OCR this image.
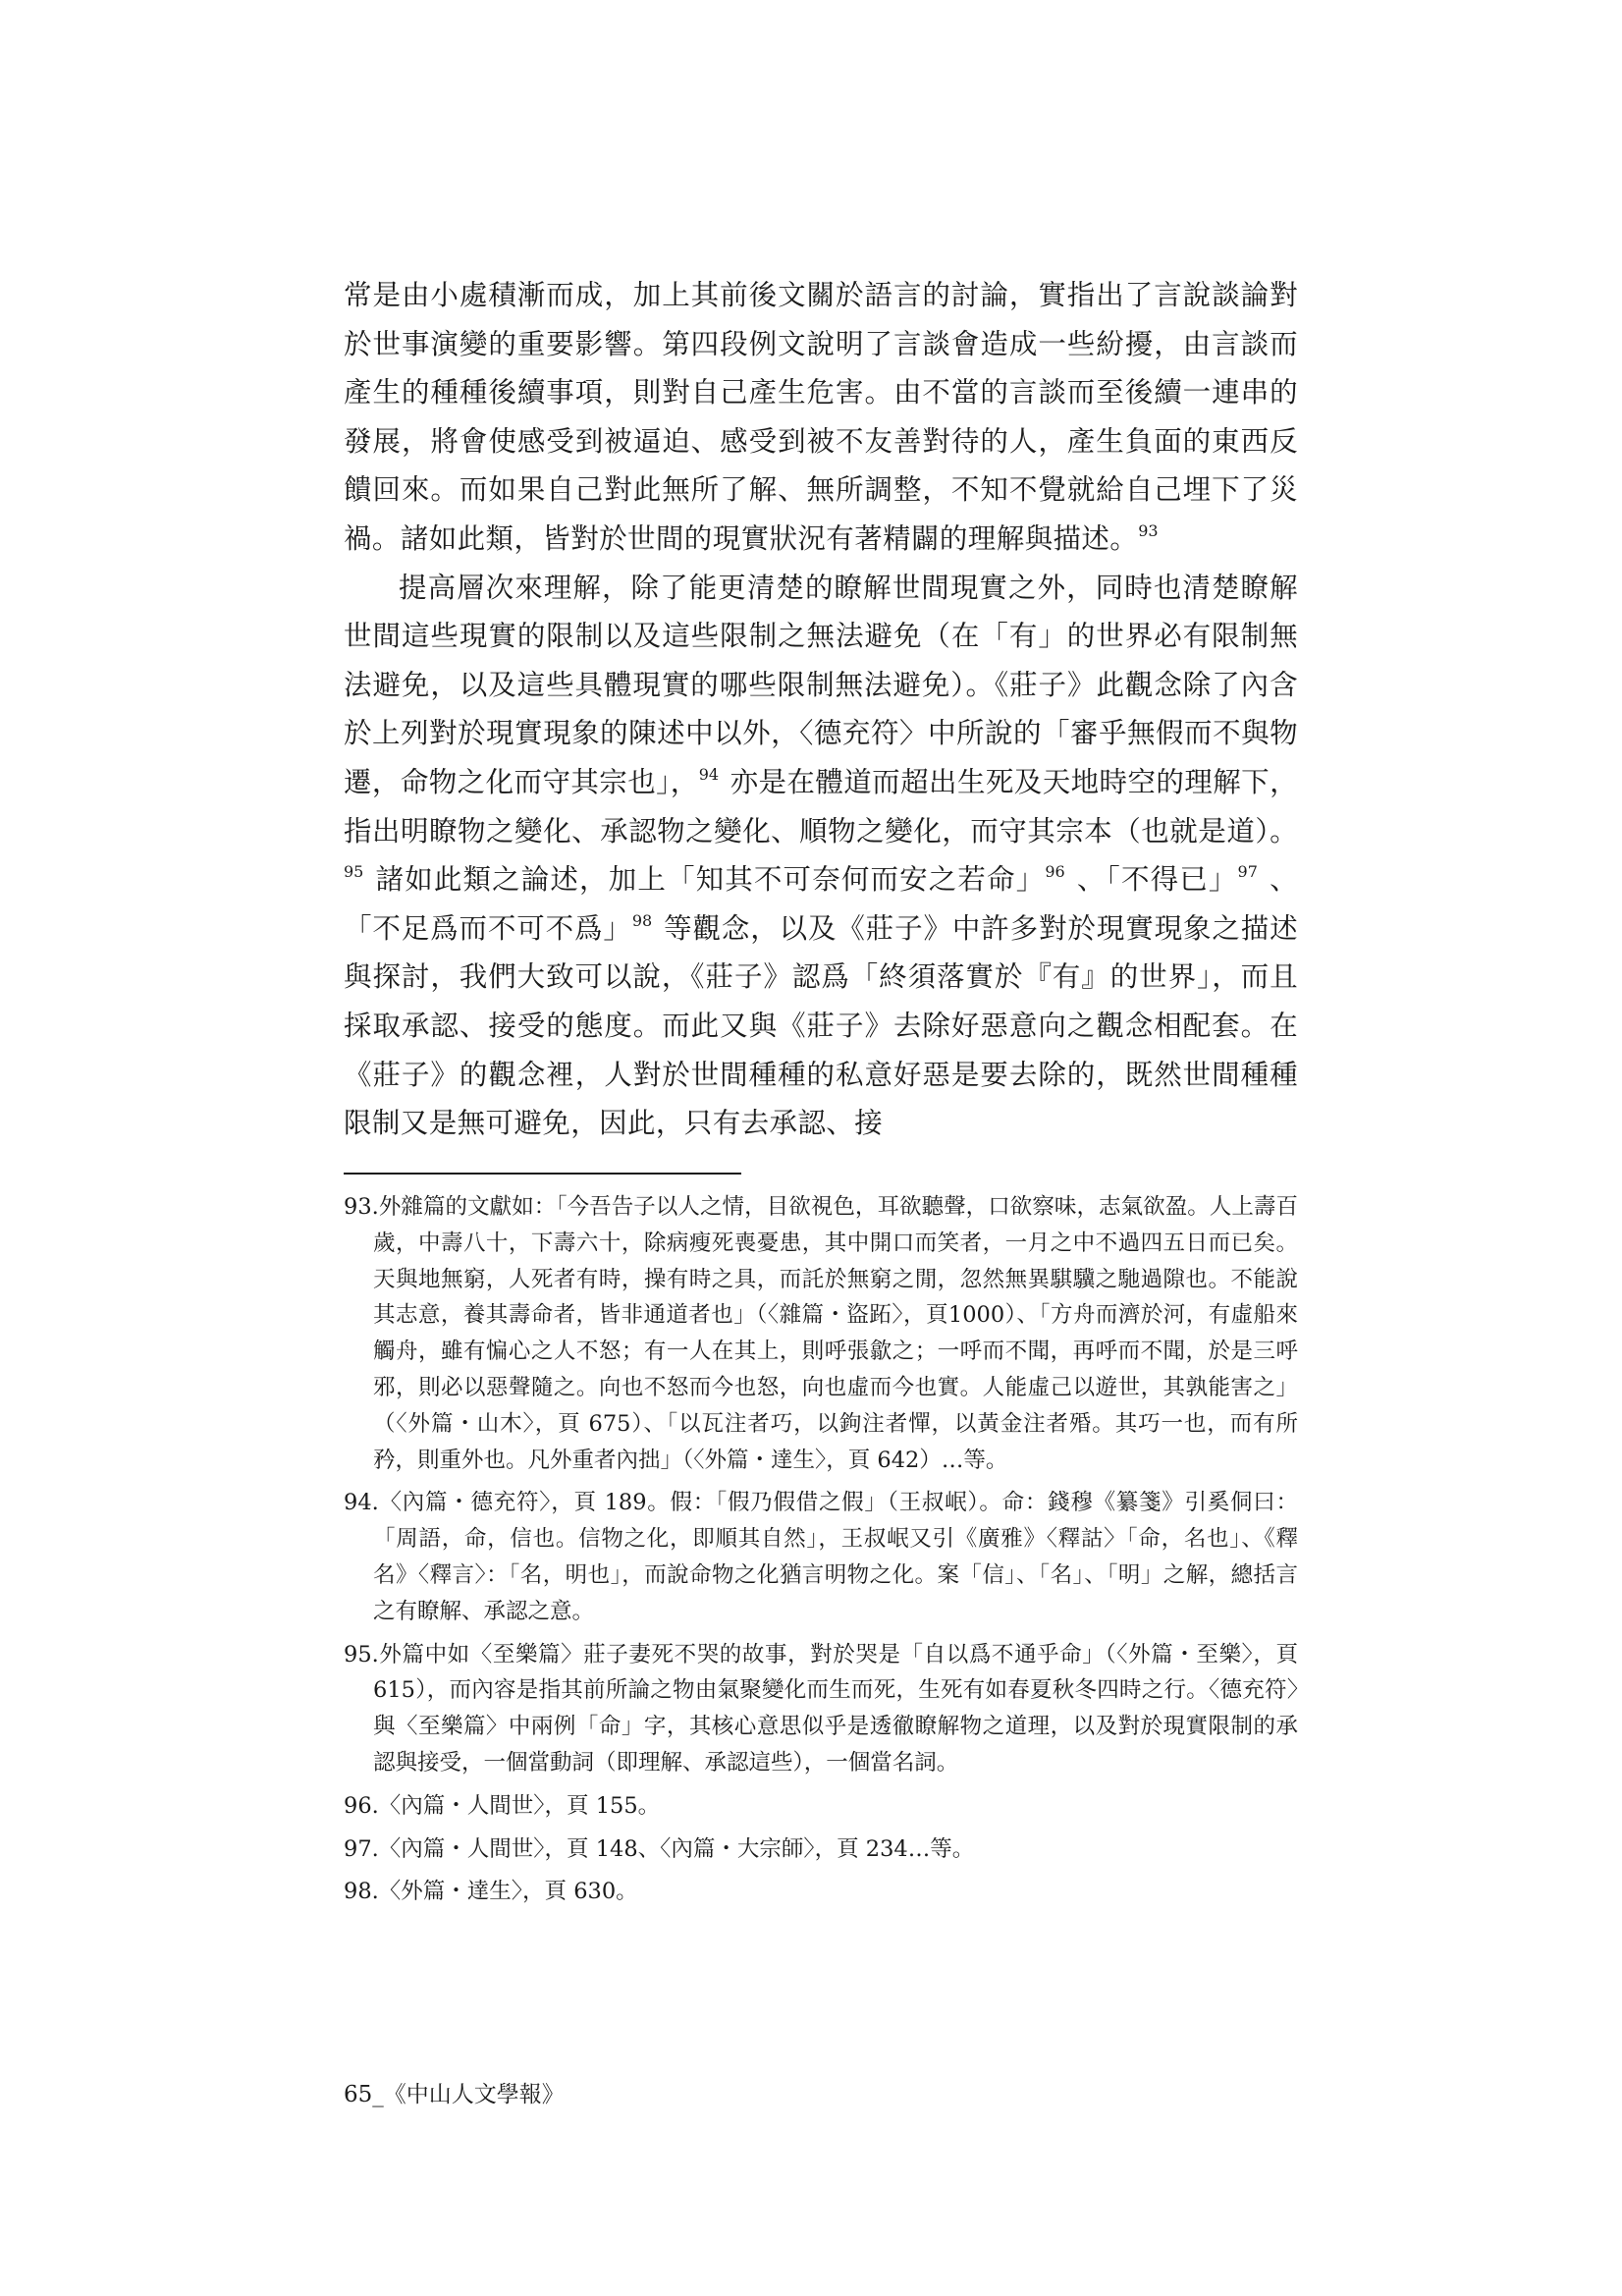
常是由小處積漸而成，加上其前後文關於語言的討論，實指出了言說談論對於世事演變的重要影響。第四段例文說明了言談會造成一些紛擾，由言談而產生的種種後續事項，則對自己產生危害。由不當的言談而至後續一連串的發展，將會使感受到被逼迫、感受到被不友善對待的人，產生負面的東西反饋回來。而如果自己對此無所了解、無所調整，不知不覺就給自己埋下了災禍。諸如此類，皆對於世間的現實狀況有著精闢的理解與描述。$^{93}$

提高層次來理解，除了能更清楚的瞭解世間現實之外，同時也清楚瞭解世間這些現實的限制以及這些限制之無法避免（在「有」的世界必有限制無法避免，以及這些具體現實的哪些限制無法避免）。《莊子》此觀念除了內含於上列對於現實現象的陳述中以外，〈德充符〉中所說的「審乎無假而不與物遷，命物之化而守其宗也」，$^{94}$ 亦是在體道而超出生死及天地時空的理解下，指出明瞭物之變化、承認物之變化、順物之變化，而守其宗本（也就是道）。$^{95}$ 諸如此類之論述，加上「知其不可奈何而安之若命」$^{96}$ 、「不得已」$^{97}$ 、「不足爲而不可不爲」$^{98}$ 等觀念，以及《莊子》中許多對於現實現象之描述與探討，我們大致可以說，《莊子》認爲「終須落實於『有』的世界」，而且採取承認、接受的態度。而此又與《莊子》去除好惡意向之觀念相配套。在《莊子》的觀念裡，人對於世間種種的私意好惡是要去除的，既然世間種種限制又是無可避免，因此，只有去承認、接

93.外雜篇的文獻如：「今吾告子以人之情，目欲視色，耳欲聽聲，口欲察味，志氣欲盈。人上壽百歲，中壽八十，下壽六十，除病瘦死喪憂患，其中開口而笑者，一月之中不過四五日而已矣。天與地無窮，人死者有時，操有時之具，而託於無窮之閒，忽然無異騏驥之馳過隙也。不能說其志意，養其壽命者，皆非通道者也」（〈雜篇・盜跖〉，頁1000）、「方舟而濟於河，有虛船來觸舟，雖有惼心之人不怒；有一人在其上，則呼張歙之；一呼而不聞，再呼而不聞，於是三呼邪，則必以惡聲隨之。向也不怒而今也怒，向也虛而今也實。人能虛己以遊世，其孰能害之」（〈外篇・山木〉，頁 675）、「以瓦注者巧，以鉤注者憚，以黃金注者殙。其巧一也，而有所矜，則重外也。凡外重者內拙」（〈外篇・達生〉，頁 642）…等。

94.〈內篇・德充符〉，頁 189。假：「假乃假借之假」（王叔岷）。命：錢穆《纂箋》引奚侗曰：「周語，命，信也。信物之化，即順其自然」，王叔岷又引《廣雅》〈釋詁〉「命，名也」、《釋名》〈釋言〉：「名，明也」，而說命物之化猶言明物之化。案「信」、「名」、「明」之解，總括言之有瞭解、承認之意。

95.外篇中如〈至樂篇〉莊子妻死不哭的故事，對於哭是「自以爲不通乎命」（〈外篇・至樂〉，頁 615），而內容是指其前所論之物由氣聚變化而生而死，生死有如春夏秋冬四時之行。〈德充符〉與〈至樂篇〉中兩例「命」字，其核心意思似乎是透徹瞭解物之道理，以及對於現實限制的承認與接受，一個當動詞（即理解、承認這些），一個當名詞。

96.〈內篇・人間世〉，頁 155。

97.〈內篇・人間世〉，頁 148、〈內篇・大宗師〉，頁 234…等。

98.〈外篇・達生〉，頁 630。

65_《中山人文學報》
